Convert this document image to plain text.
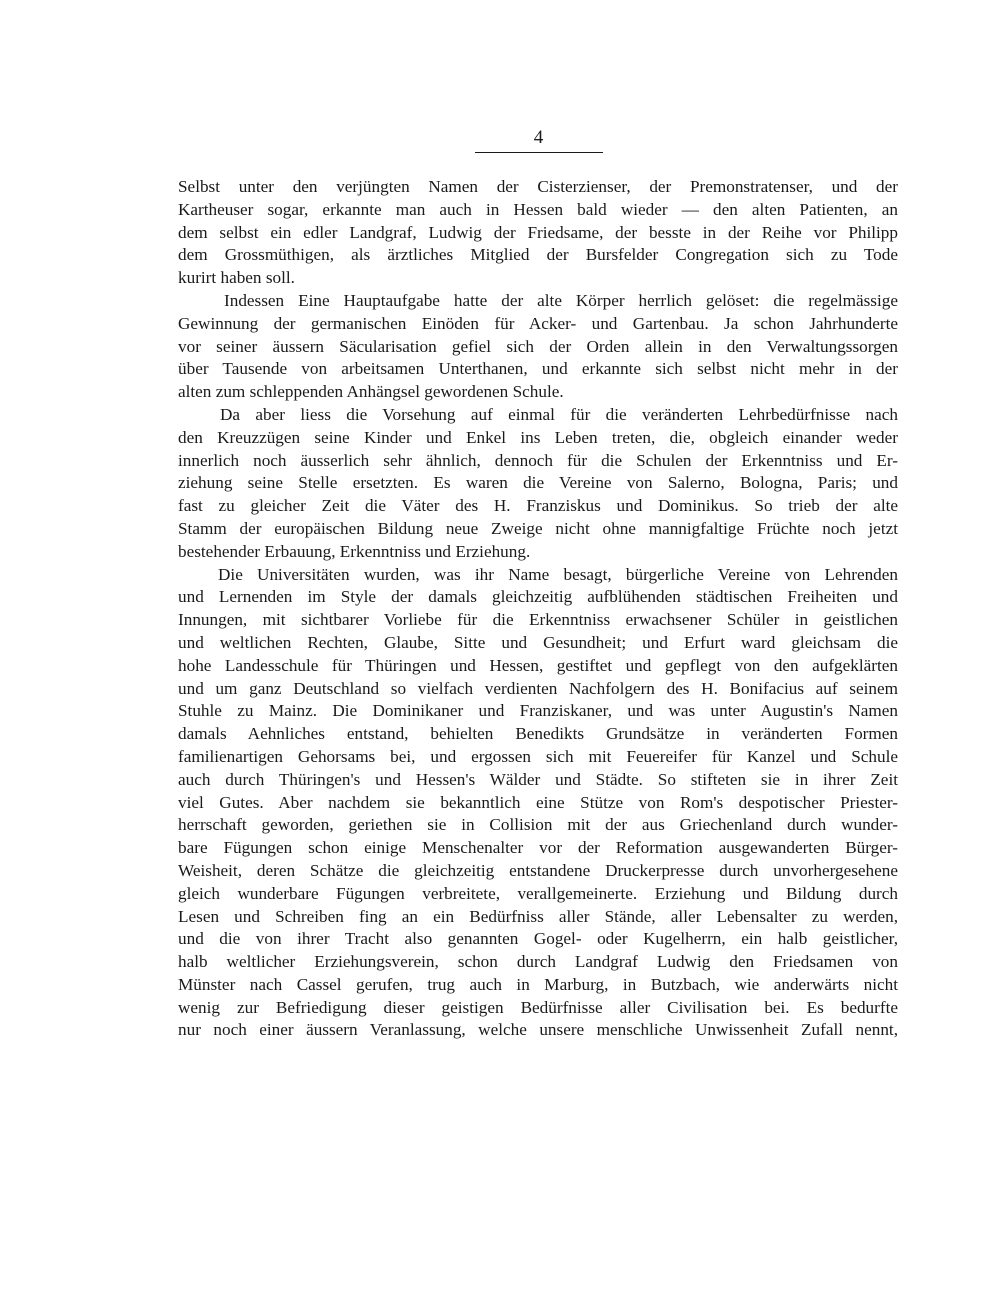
4
Selbst unter den verjüngten Namen der Cisterzienser, der Premonstratenser, und der
Kartheuser sogar, erkannte man auch in Hessen bald wieder — den alten Patienten, an
dem selbst ein edler Landgraf, Ludwig der Friedsame, der besste in der Reihe vor Philipp
dem Grossmüthigen, als ärztliches Mitglied der Bursfelder Congregation sich zu Tode
kurirt haben soll.
Indessen Eine Hauptaufgabe hatte der alte Körper herrlich gelöset: die regelmässige
Gewinnung der germanischen Einöden für Acker- und Gartenbau. Ja schon Jahrhunderte
vor seiner äussern Säcularisation gefiel sich der Orden allein in den Verwaltungssorgen
über Tausende von arbeitsamen Unterthanen, und erkannte sich selbst nicht mehr in der
alten zum schleppenden Anhängsel gewordenen Schule.
Da aber liess die Vorsehung auf einmal für die veränderten Lehrbedürfnisse nach
den Kreuzzügen seine Kinder und Enkel ins Leben treten, die, obgleich einander weder
innerlich noch äusserlich sehr ähnlich, dennoch für die Schulen der Erkenntniss und Er-
ziehung seine Stelle ersetzten. Es waren die Vereine von Salerno, Bologna, Paris; und
fast zu gleicher Zeit die Väter des H. Franziskus und Dominikus. So trieb der alte
Stamm der europäischen Bildung neue Zweige nicht ohne mannigfaltige Früchte noch jetzt
bestehender Erbauung, Erkenntniss und Erziehung.
Die Universitäten wurden, was ihr Name besagt, bürgerliche Vereine von Lehrenden
und Lernenden im Style der damals gleichzeitig aufblühenden städtischen Freiheiten und
Innungen, mit sichtbarer Vorliebe für die Erkenntniss erwachsener Schüler in geistlichen
und weltlichen Rechten, Glaube, Sitte und Gesundheit; und Erfurt ward gleichsam die
hohe Landesschule für Thüringen und Hessen, gestiftet und gepflegt von den aufgeklärten
und um ganz Deutschland so vielfach verdienten Nachfolgern des H. Bonifacius auf seinem
Stuhle zu Mainz. Die Dominikaner und Franziskaner, und was unter Augustin's Namen
damals Aehnliches entstand, behielten Benedikts Grundsätze in veränderten Formen
familienartigen Gehorsams bei, und ergossen sich mit Feuereifer für Kanzel und Schule
auch durch Thüringen's und Hessen's Wälder und Städte. So stifteten sie in ihrer Zeit
viel Gutes. Aber nachdem sie bekanntlich eine Stütze von Rom's despotischer Priester-
herrschaft geworden, geriethen sie in Collision mit der aus Griechenland durch wunder-
bare Fügungen schon einige Menschenalter vor der Reformation ausgewanderten Bürger-
Weisheit, deren Schätze die gleichzeitig entstandene Druckerpresse durch unvorhergesehene
gleich wunderbare Fügungen verbreitete, verallgemeinerte. Erziehung und Bildung durch
Lesen und Schreiben fing an ein Bedürfniss aller Stände, aller Lebensalter zu werden,
und die von ihrer Tracht also genannten Gogel- oder Kugelherrn, ein halb geistlicher,
halb weltlicher Erziehungsverein, schon durch Landgraf Ludwig den Friedsamen von
Münster nach Cassel gerufen, trug auch in Marburg, in Butzbach, wie anderwärts nicht
wenig zur Befriedigung dieser geistigen Bedürfnisse aller Civilisation bei. Es bedurfte
nur noch einer äussern Veranlassung, welche unsere menschliche Unwissenheit Zufall nennt,
